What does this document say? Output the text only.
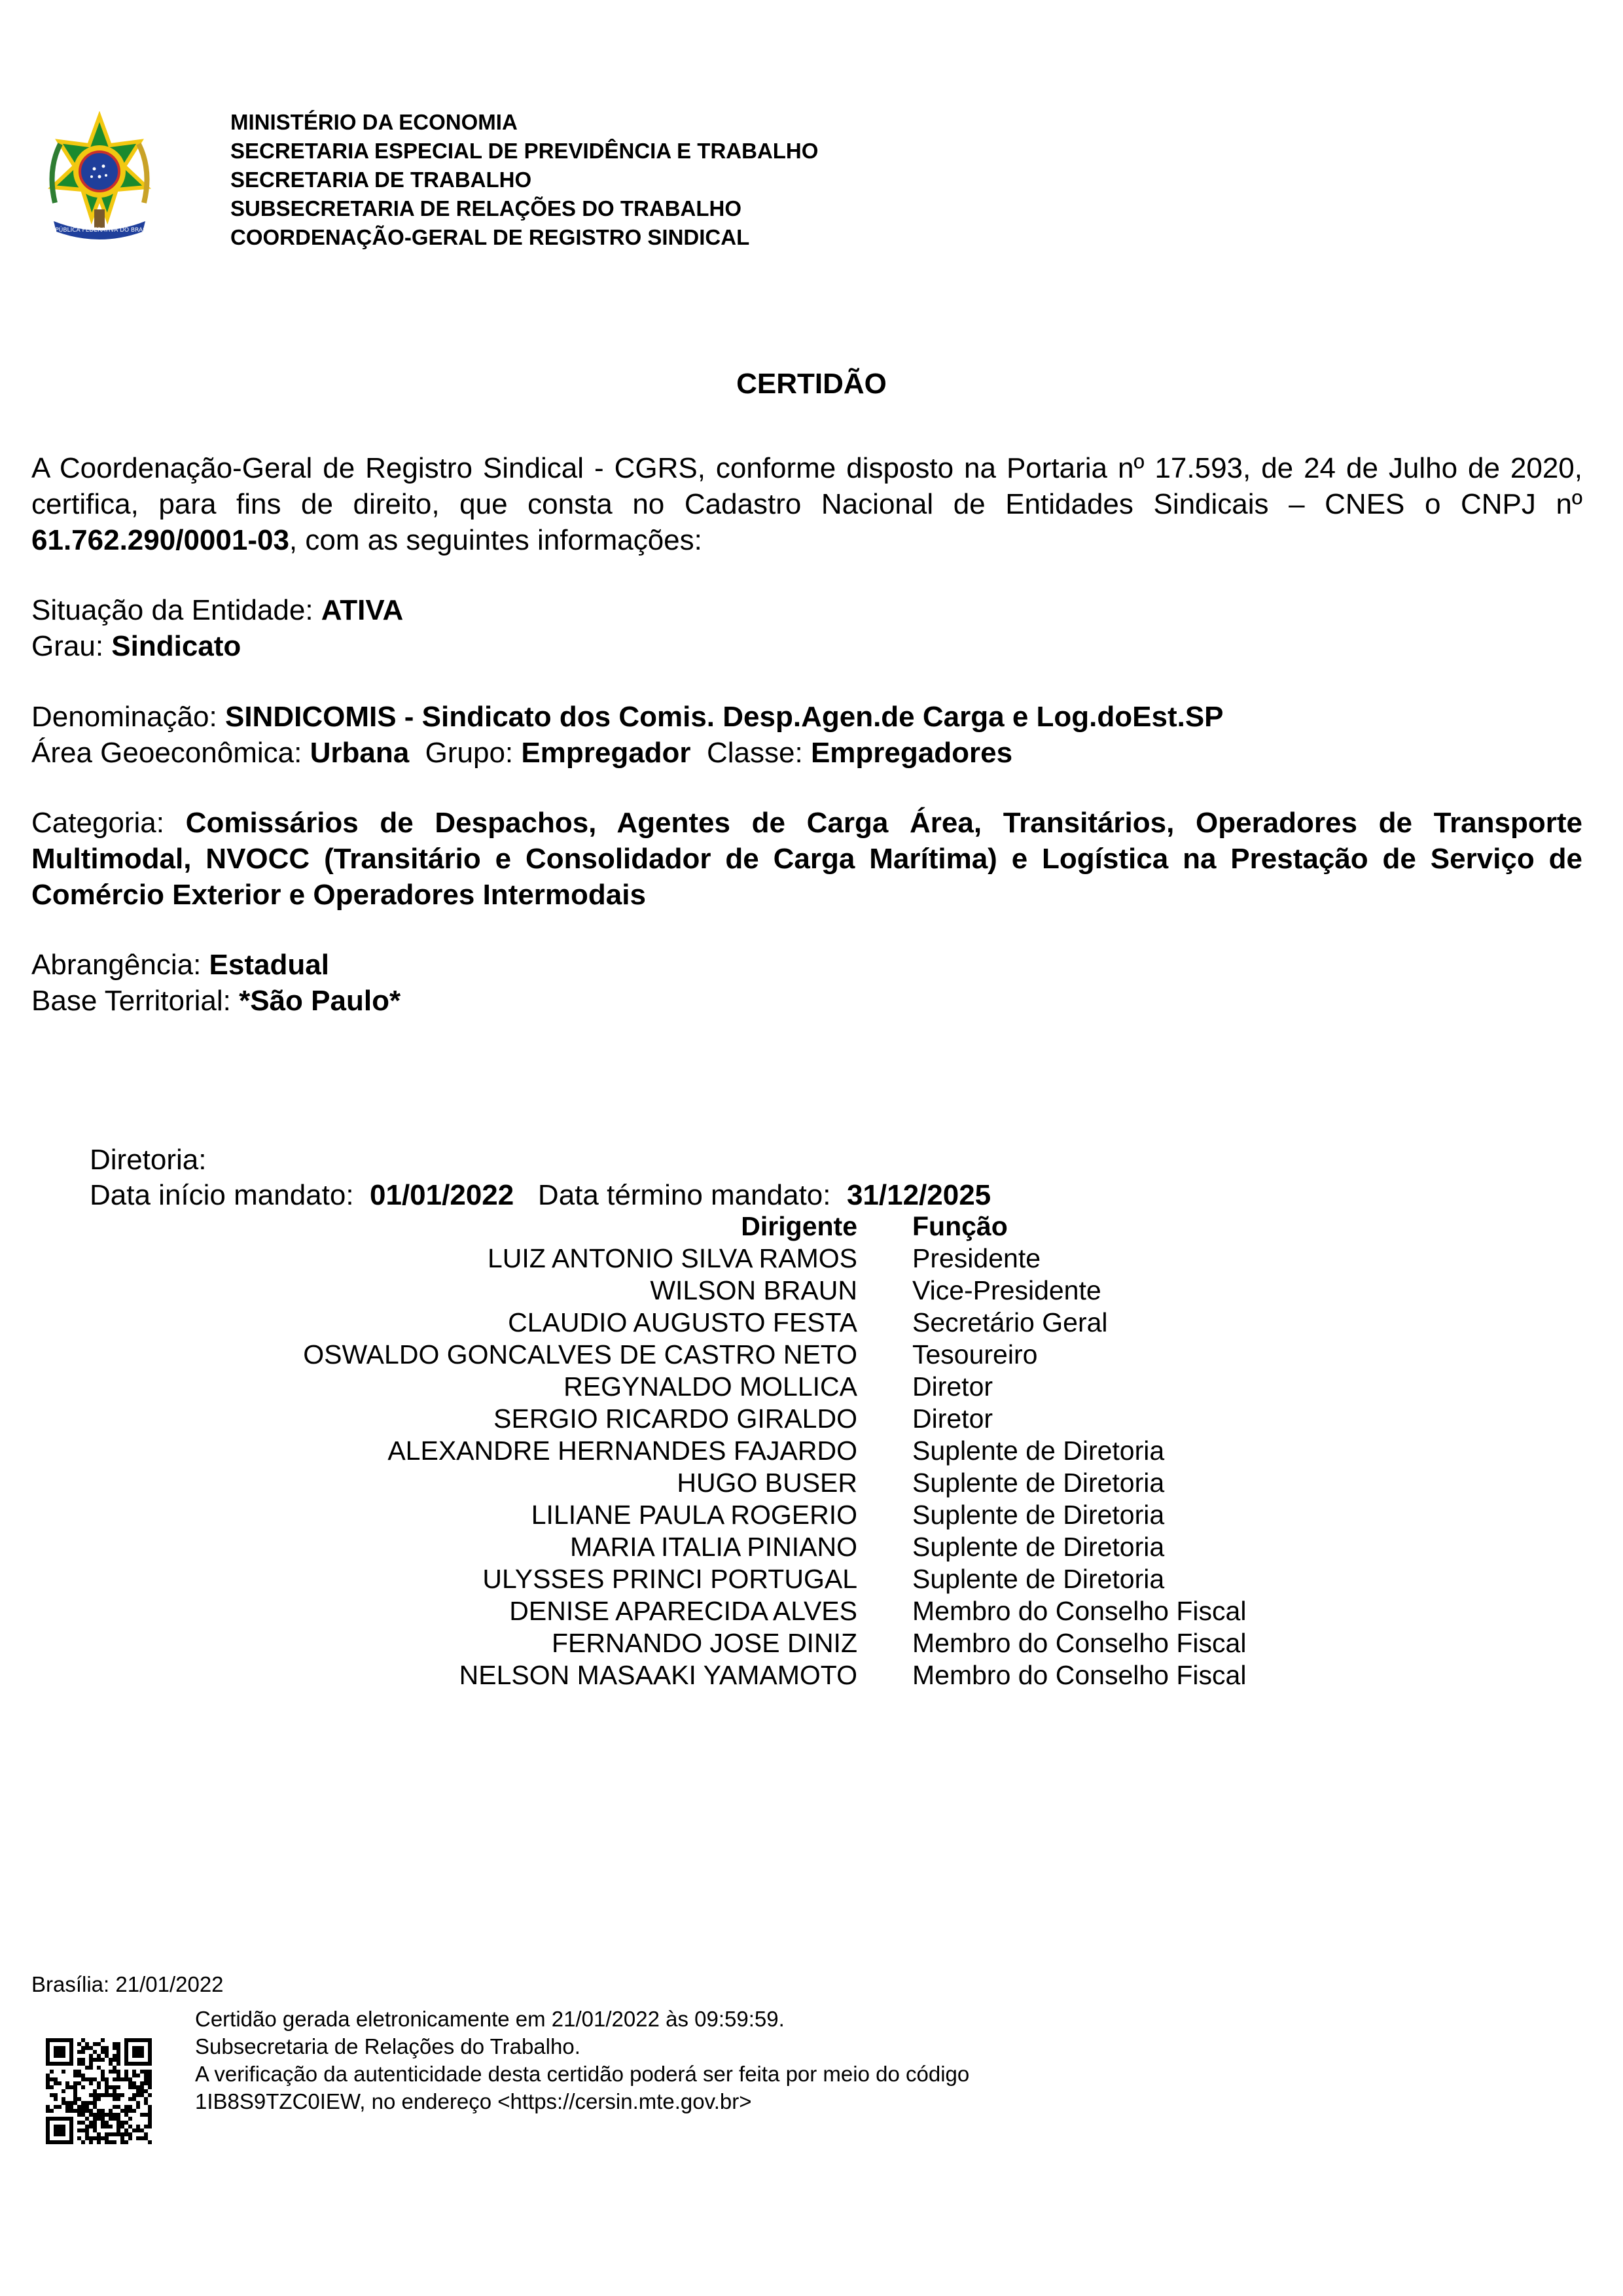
REPÚBLICA FEDERATIVA DO BRASIL
MINISTÉRIO DA ECONOMIA
SECRETARIA ESPECIAL DE PREVIDÊNCIA E TRABALHO
SECRETARIA DE TRABALHO
SUBSECRETARIA DE RELAÇÕES DO TRABALHO
COORDENAÇÃO-GERAL DE REGISTRO SINDICAL
CERTIDÃO
A Coordenação-Geral de Registro Sindical - CGRS, conforme disposto na Portaria nº 17.593, de 24 de Julho de 2020, certifica, para fins de direito, que consta no Cadastro Nacional de Entidades Sindicais – CNES o CNPJ nº 61.762.290/0001-03, com as seguintes informações:
Situação da Entidade: ATIVA
Grau: Sindicato
Denominação: SINDICOMIS - Sindicato dos Comis. Desp.Agen.de Carga e Log.doEst.SP
Área Geoeconômica: Urbana Grupo: Empregador Classe: Empregadores
Categoria: Comissários de Despachos, Agentes de Carga Área, Transitários, Operadores de Transporte Multimodal, NVOCC (Transitário e Consolidador de Carga Marítima) e Logística na Prestação de Serviço de Comércio Exterior e Operadores Intermodais
Abrangência: Estadual
Base Territorial: *São Paulo*
Diretoria:
Data início mandato: 01/01/2022 Data término mandato: 31/12/2025
Dirigente	Função
LUIZ ANTONIO SILVA RAMOS	Presidente
WILSON BRAUN	Vice-Presidente
CLAUDIO AUGUSTO FESTA	Secretário Geral
OSWALDO GONCALVES DE CASTRO NETO	Tesoureiro
REGYNALDO MOLLICA	Diretor
SERGIO RICARDO GIRALDO	Diretor
ALEXANDRE HERNANDES FAJARDO	Suplente de Diretoria
HUGO BUSER	Suplente de Diretoria
LILIANE PAULA ROGERIO	Suplente de Diretoria
MARIA ITALIA PINIANO	Suplente de Diretoria
ULYSSES PRINCI PORTUGAL	Suplente de Diretoria
DENISE APARECIDA ALVES	Membro do Conselho Fiscal
FERNANDO JOSE DINIZ	Membro do Conselho Fiscal
NELSON MASAAKI YAMAMOTO	Membro do Conselho Fiscal
Brasília: 21/01/2022
Certidão gerada eletronicamente em 21/01/2022 às 09:59:59.
Subsecretaria de Relações do Trabalho.
A verificação da autenticidade desta certidão poderá ser feita por meio do código
1IB8S9TZC0IEW, no endereço <https://cersin.mte.gov.br>
